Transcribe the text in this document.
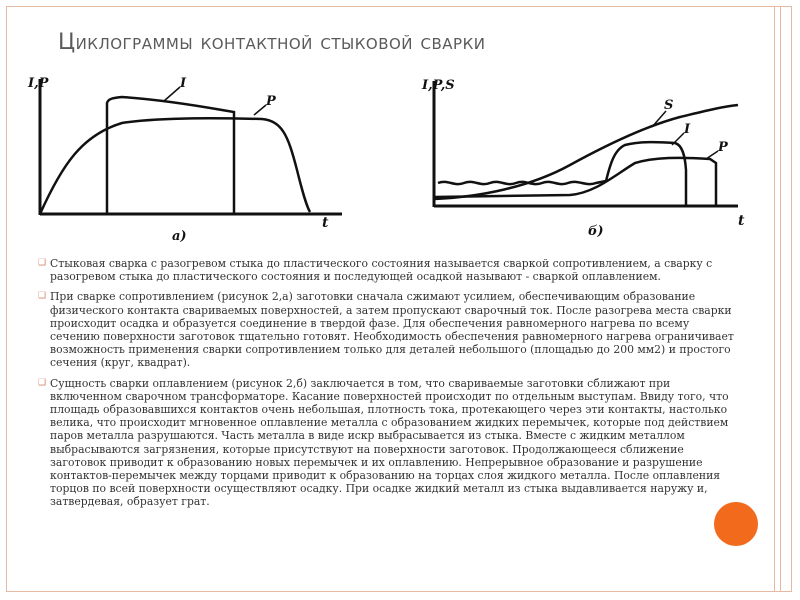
Циклограммы контактной стыковой сварки
I,P	I
P
t
а)
I,P,S
S
I
P
t
б)

❑ Стыковая сварка с разогревом стыка до пластического состояния называется сваркой сопротивлением, а сварку с разогревом стыка до пластического состояния и последующей осадкой называют - сваркой оплавлением.

❑ При сварке сопротивлением (рисунок 2,а) заготовки сначала сжимают усилием, обеспечивающим образование физического контакта свариваемых поверхностей, а затем пропускают сварочный ток. После разогрева места сварки происходит осадка и образуется соединение в твердой фазе. Для обеспечения равномерного нагрева по всему сечению поверхности заготовок тщательно готовят. Необходимость обеспечения равномерного нагрева ограничивает возможность применения сварки сопротивлением только для деталей небольшого (площадью до 200 мм2) и простого сечения (круг, квадрат).

❑ Сущность сварки оплавлением (рисунок 2,б) заключается в том, что свариваемые заготовки сближают при включенном сварочном трансформаторе. Касание поверхностей происходит по отдельным выступам. Ввиду того, что площадь образовавшихся контактов очень небольшая, плотность тока, протекающего через эти контакты, настолько велика, что происходит мгновенное оплавление металла с образованием жидких перемычек, которые под действием паров металла разрушаются. Часть металла в виде искр выбрасывается из стыка. Вместе с жидким металлом выбрасываются загрязнения, которые присутствуют на поверхности заготовок. Продолжающееся сближение заготовок приводит к образованию новых перемычек и их оплавлению. Непрерывное образование и разрушение контактов-перемычек между торцами приводит к образованию на торцах слоя жидкого металла. После оплавления торцов по всей поверхности осуществляют осадку. При осадке жидкий металл из стыка выдавливается наружу и, затвердевая, образует грат.
